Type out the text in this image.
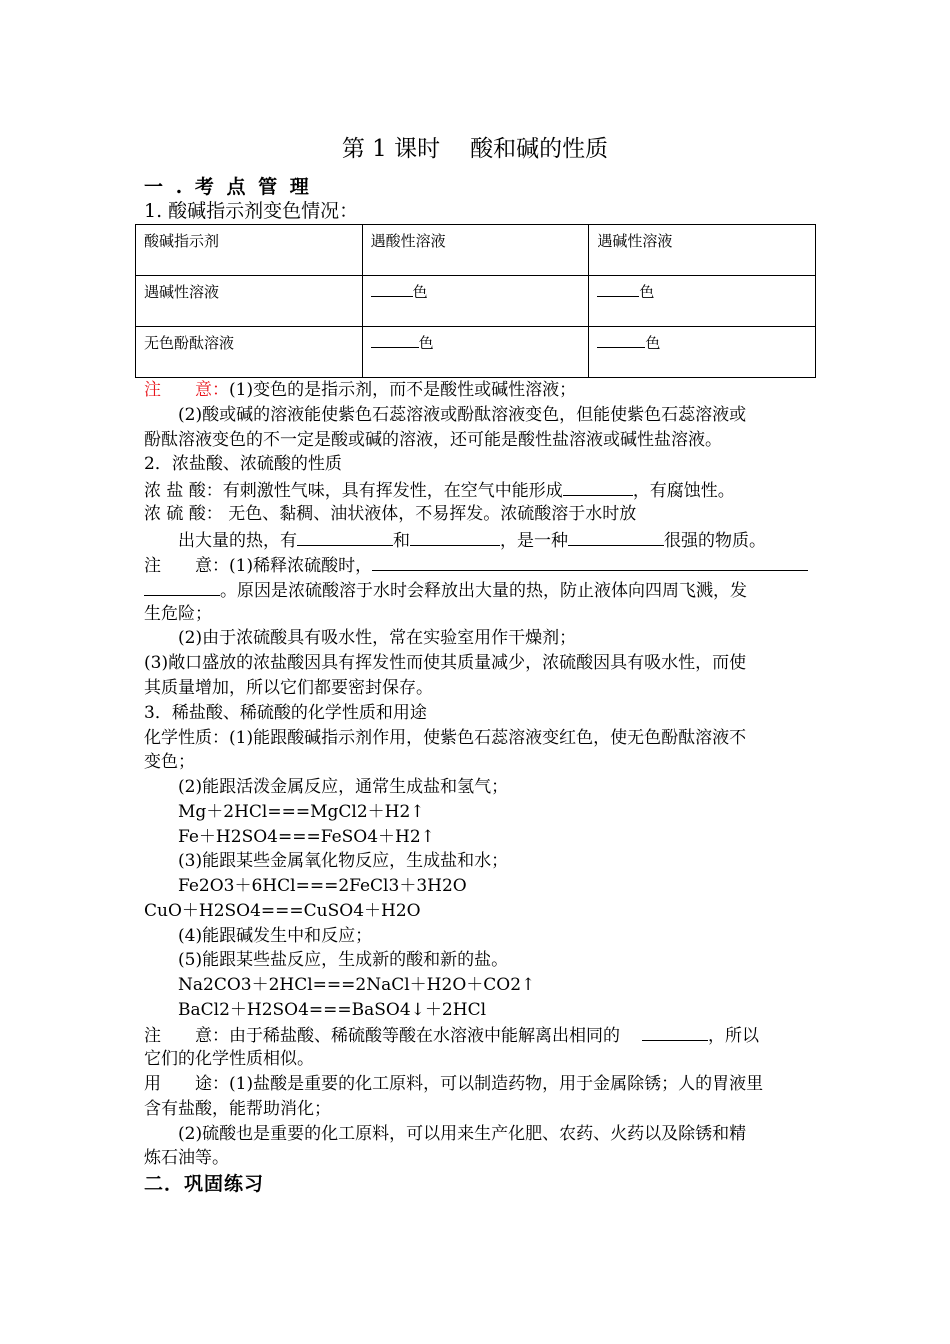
第 1 课时 酸和碱的性质
一 . 考 点 管 理
1. 酸碱指示剂变色情况：
酸碱指示剂	遇酸性溶液	遇碱性溶液
遇碱性溶液	色	色
无色酚酞溶液	色	色
注　　意：(1)变色的是指示剂，而不是酸性或碱性溶液；
(2)酸或碱的溶液能使紫色石蕊溶液或酚酞溶液变色，但能使紫色石蕊溶液或
酚酞溶液变色的不一定是酸或碱的溶液，还可能是酸性盐溶液或碱性盐溶液。
2．浓盐酸、浓硫酸的性质
浓 盐 酸：有刺激性气味，具有挥发性，在空气中能形成	，有腐蚀性。
浓 硫 酸： 无色、黏稠、油状液体，不易挥发。浓硫酸溶于水时放
出大量的热，有	和	，是一种	很强的物质。
注　　意：(1)稀释浓硫酸时，
。原因是浓硫酸溶于水时会释放出大量的热，防止液体向四周飞溅，发
生危险；
(2)由于浓硫酸具有吸水性，常在实验室用作干燥剂；
(3)敞口盛放的浓盐酸因具有挥发性而使其质量减少，浓硫酸因具有吸水性，而使
其质量增加，所以它们都要密封保存。
3．稀盐酸、稀硫酸的化学性质和用途
化学性质：(1)能跟酸碱指示剂作用，使紫色石蕊溶液变红色，使无色酚酞溶液不
变色；
(2)能跟活泼金属反应，通常生成盐和氢气；
Mg＋2HCl===MgCl2＋H2↑
Fe＋H2SO4===FeSO4＋H2↑
(3)能跟某些金属氧化物反应，生成盐和水；
Fe2O3＋6HCl===2FeCl3＋3H2O
CuO＋H2SO4===CuSO4＋H2O
(4)能跟碱发生中和反应；
(5)能跟某些盐反应，生成新的酸和新的盐。
Na2CO3＋2HCl===2NaCl＋H2O＋CO2↑
BaCl2＋H2SO4===BaSO4↓＋2HCl
注　　意：由于稀盐酸、稀硫酸等酸在水溶液中能解离出相同的	，所以
它们的化学性质相似。
用　　途：(1)盐酸是重要的化工原料，可以制造药物，用于金属除锈；人的胃液里
含有盐酸，能帮助消化；
(2)硫酸也是重要的化工原料，可以用来生产化肥、农药、火药以及除锈和精
炼石油等。
二．巩固练习
